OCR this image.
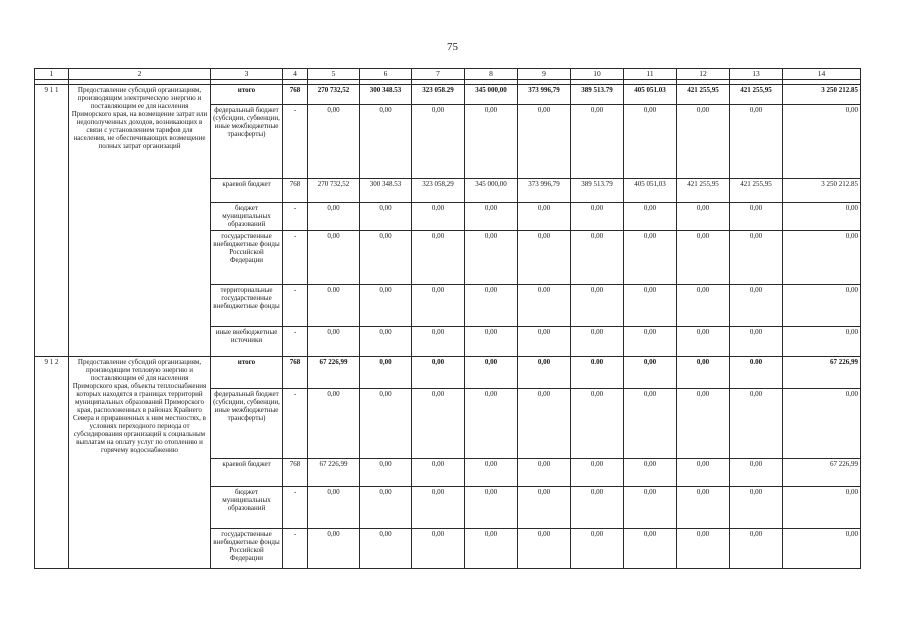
75
1	2	3	4	5	6	7	8	9	10	11	12	13	14

9 1 1	Предоставление субсидий организациям, производящим электрическую энергию и поставляющим ее для населения Приморского края, на возмещение затрат или недополученных доходов, возникающих в связи с установлением тарифов для населения, не обеспечивающих возмещение полных затрат организаций	итого	768	270 732,52	300 348.53	323 058.29	345 000,00	373 996,79	389 513.79	405 051.03	421 255,95	421 255,95	3 250 212.85
		федеральный бюджет (субсидии, субвенции, иные межбюджетные трансферты)	-	0,00	0,00	0,00	0,00	0,00	0,00	0,00	0,00	0,00	0,00
		краевой бюджет	768	270 732,52	300 348.53	323 058,29	345 000,00	373 996,79	389 513.79	405 051,03	421 255,95	421 255,95	3 250 212.85
		бюджет муниципальных образований	-	0,00	0,00	0,00	0,00	0,00	0,00	0,00	0,00	0,00	0,00
		государственные внебюджетные фонды Российской Федерации	-	0,00	0,00	0,00	0,00	0,00	0,00	0,00	0,00	0,00	0,00
		территориальные государственные внебюджетные фонды	-	0.00	0,00	0,00	0,00	0.00	0,00	0,00	0,00	0,00	0,00
		иные внебюджетные источники	-	0,00	0,00	0,00	0,00	0,00	0,00	0,00	0,00	0,00	0,00
9 1 2	Предоставление субсидий организациям, производящим тепловую энергию и поставляющим её для населения Приморского края, объекты теплоснабжения которых находятся в границах территорий муниципальных образований Приморского края, расположенных в районах Крайнего Севера и приравненных к ним местностях, в условиях переходного периода от субсидирования организаций к социальным выплатам на оплату услуг по отоплению и горячему водоснабжению	итого	768	67 226,99	0,00	0,00	0,00	0,00	0.00	0,00	0,00	0.00	67 226,99
		федеральный бюджет (субсидии, субвенции, иные межбюджетные трансферты)	-	0,00	0,00	0,00	0,00	0,00	0,00	0,00	0,00	0,00	0,00
		краевой бюджет	768	67 226,99	0,00	0,00	0,00	0,00	0,00	0,00	0,00	0,00	67 226,99
		бюджет муниципальных образований	-	0,00	0,00	0,00	0,00	0,00	0,00	0,00	0,00	0,00	0,00
		государственные внебюджетные фонды Российской Федерации	-	0,00	0,00	0,00	0,00	0,00	0,00	0,00	0,00	0,00	0,00
